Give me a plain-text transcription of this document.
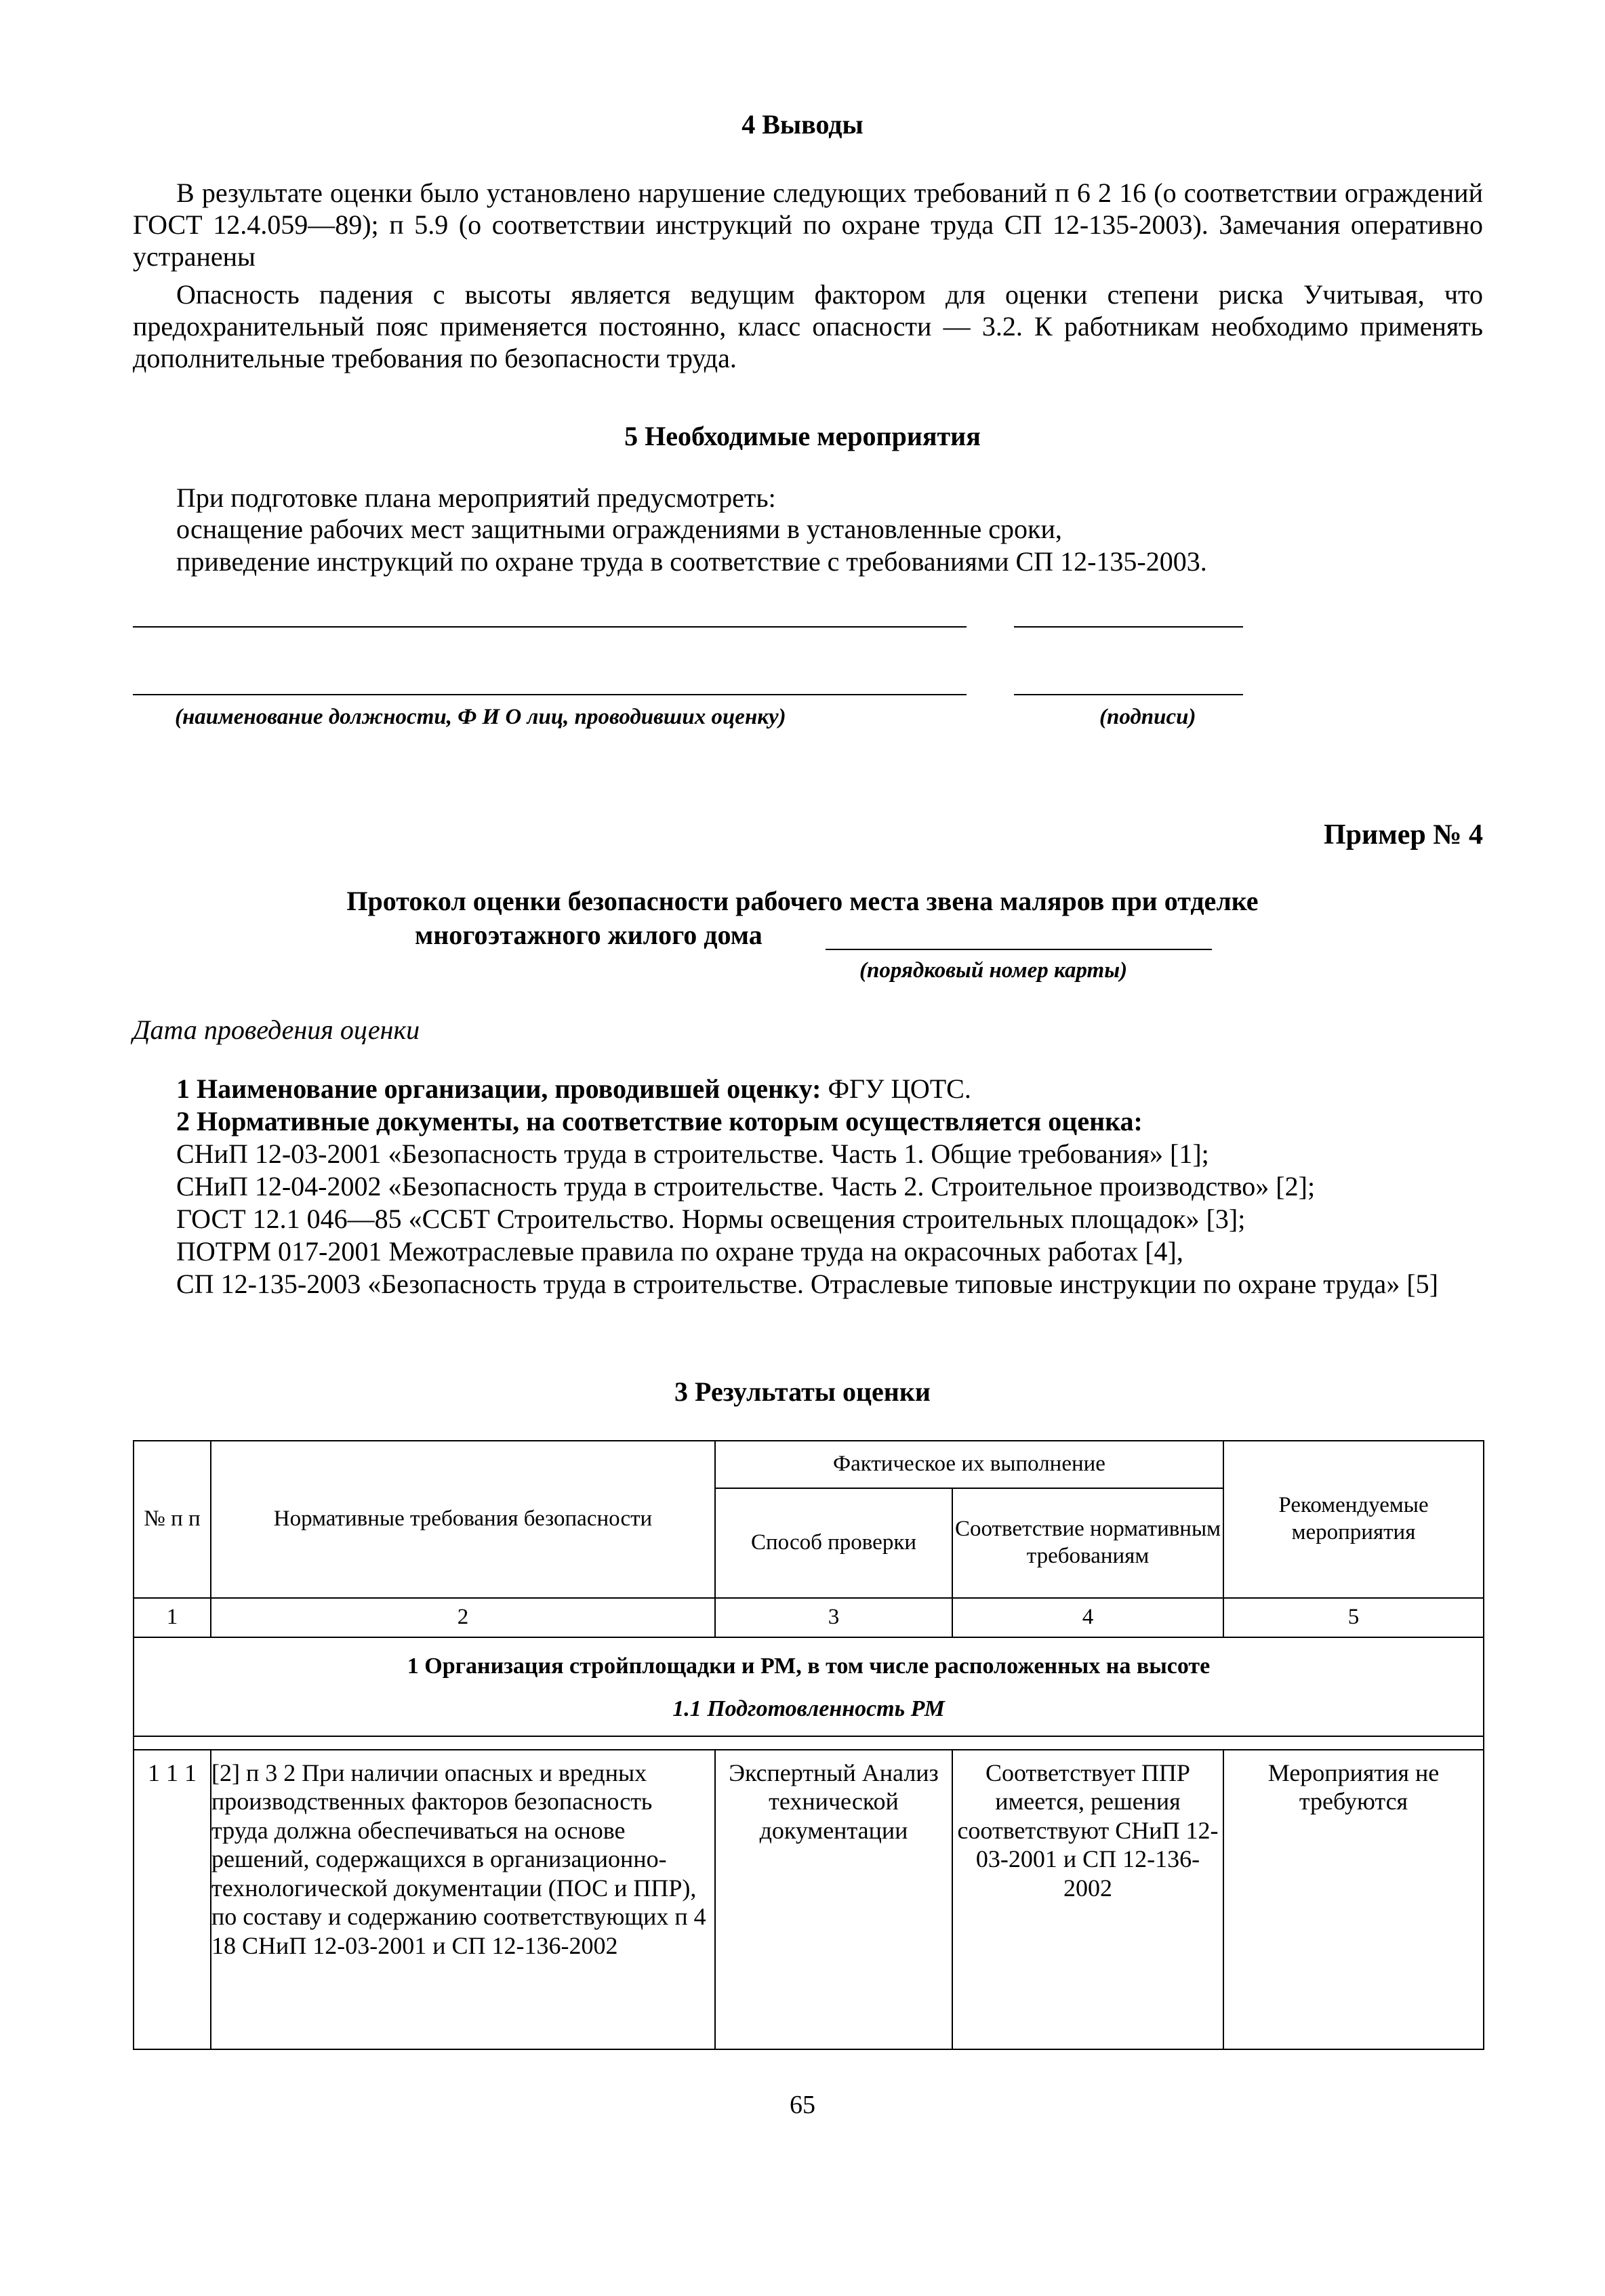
4 Выводы

В результате оценки было установлено нарушение следующих требований п 6 2 16 (о соответствии ограждений ГОСТ 12.4.059—89); п 5.9 (о соответствии инструкций по охране труда СП 12-135-2003). Замечания оперативно устранены

Опасность падения с высоты является ведущим фактором для оценки степени риска Учитывая, что предохранительный пояс применяется постоянно, класс опасности — 3.2. К работникам необходимо применять дополнительные требования по безопасности труда.

5 Необходимые мероприятия

При подготовке плана мероприятий предусмотреть:

оснащение рабочих мест защитными ограждениями в установленные сроки,

приведение инструкций по охране труда в соответствие с требованиями СП 12-135-2003.

(наименование должности, Ф И О лиц, проводивших оценку)	(подписи)
Пример № 4
Протокол оценки безопасности рабочего места звена маляров при отделке
многоэтажного жилого дома
(порядковый номер карты)
Дата проведения оценки

1 Наименование организации, проводившей оценку: ФГУ ЦОТС.

2 Нормативные документы, на соответствие которым осуществляется оценка:

СНиП 12-03-2001 «Безопасность труда в строительстве. Часть 1. Общие требования» [1];

СНиП 12-04-2002 «Безопасность труда в строительстве. Часть 2. Строительное производство» [2];

ГОСТ 12.1 046—85 «ССБТ Строительство. Нормы освещения строительных площадок» [3];

ПОТРМ 017-2001 Межотраслевые правила по охране труда на окрасочных работах [4],

СП 12-135-2003 «Безопасность труда в строительстве. Отраслевые типовые инструкции по охране труда» [5]

3 Результаты оценки
№ п п	Нормативные требования безопасности	Фактическое их выполнение		Рекомендуемые мероприятия
		Способ проверки	Соответствие нормативным требованиям	
1	2	3	4	5

1 Организация стройплощадки и РМ, в том числе расположенных на высоте
1.1 Подготовленность РМ				

1 1 1	[2] п 3 2 При наличии опасных и вредных производственных факторов безопасность труда должна обеспечиваться на основе решений, содержащихся в организационно-технологической документации (ПОС и ППР), по составу и содержанию соответствующих п 4 18 СНиП 12-03-2001 и СП 12-136-2002	Экспертный Анализ технической документации	Соответствует ППР имеется, решения соответствуют СНиП 12-03-2001 и СП 12-136-2002	Мероприятия не требуются
65
